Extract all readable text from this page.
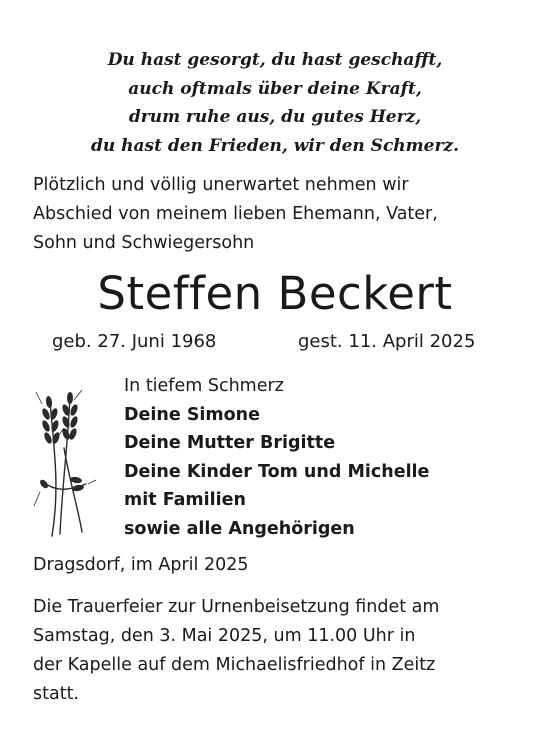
Du hast gesorgt, du hast geschafft,
auch oftmals über deine Kraft,
drum ruhe aus, du gutes Herz,
du hast den Frieden, wir den Schmerz.
Plötzlich und völlig unerwartet nehmen wir
Abschied von meinem lieben Ehemann, Vater,
Sohn und Schwiegersohn
Steffen Beckert
geb. 27. Juni 1968	gest. 11. April 2025
In tiefem Schmerz
Deine Simone
Deine Mutter Brigitte
Deine Kinder Tom und Michelle
mit Familien
sowie alle Angehörigen
Dragsdorf, im April 2025
Die Trauerfeier zur Urnenbeisetzung findet am
Samstag, den 3. Mai 2025, um 11.00 Uhr in
der Kapelle auf dem Michaelisfriedhof in Zeitz
statt.
